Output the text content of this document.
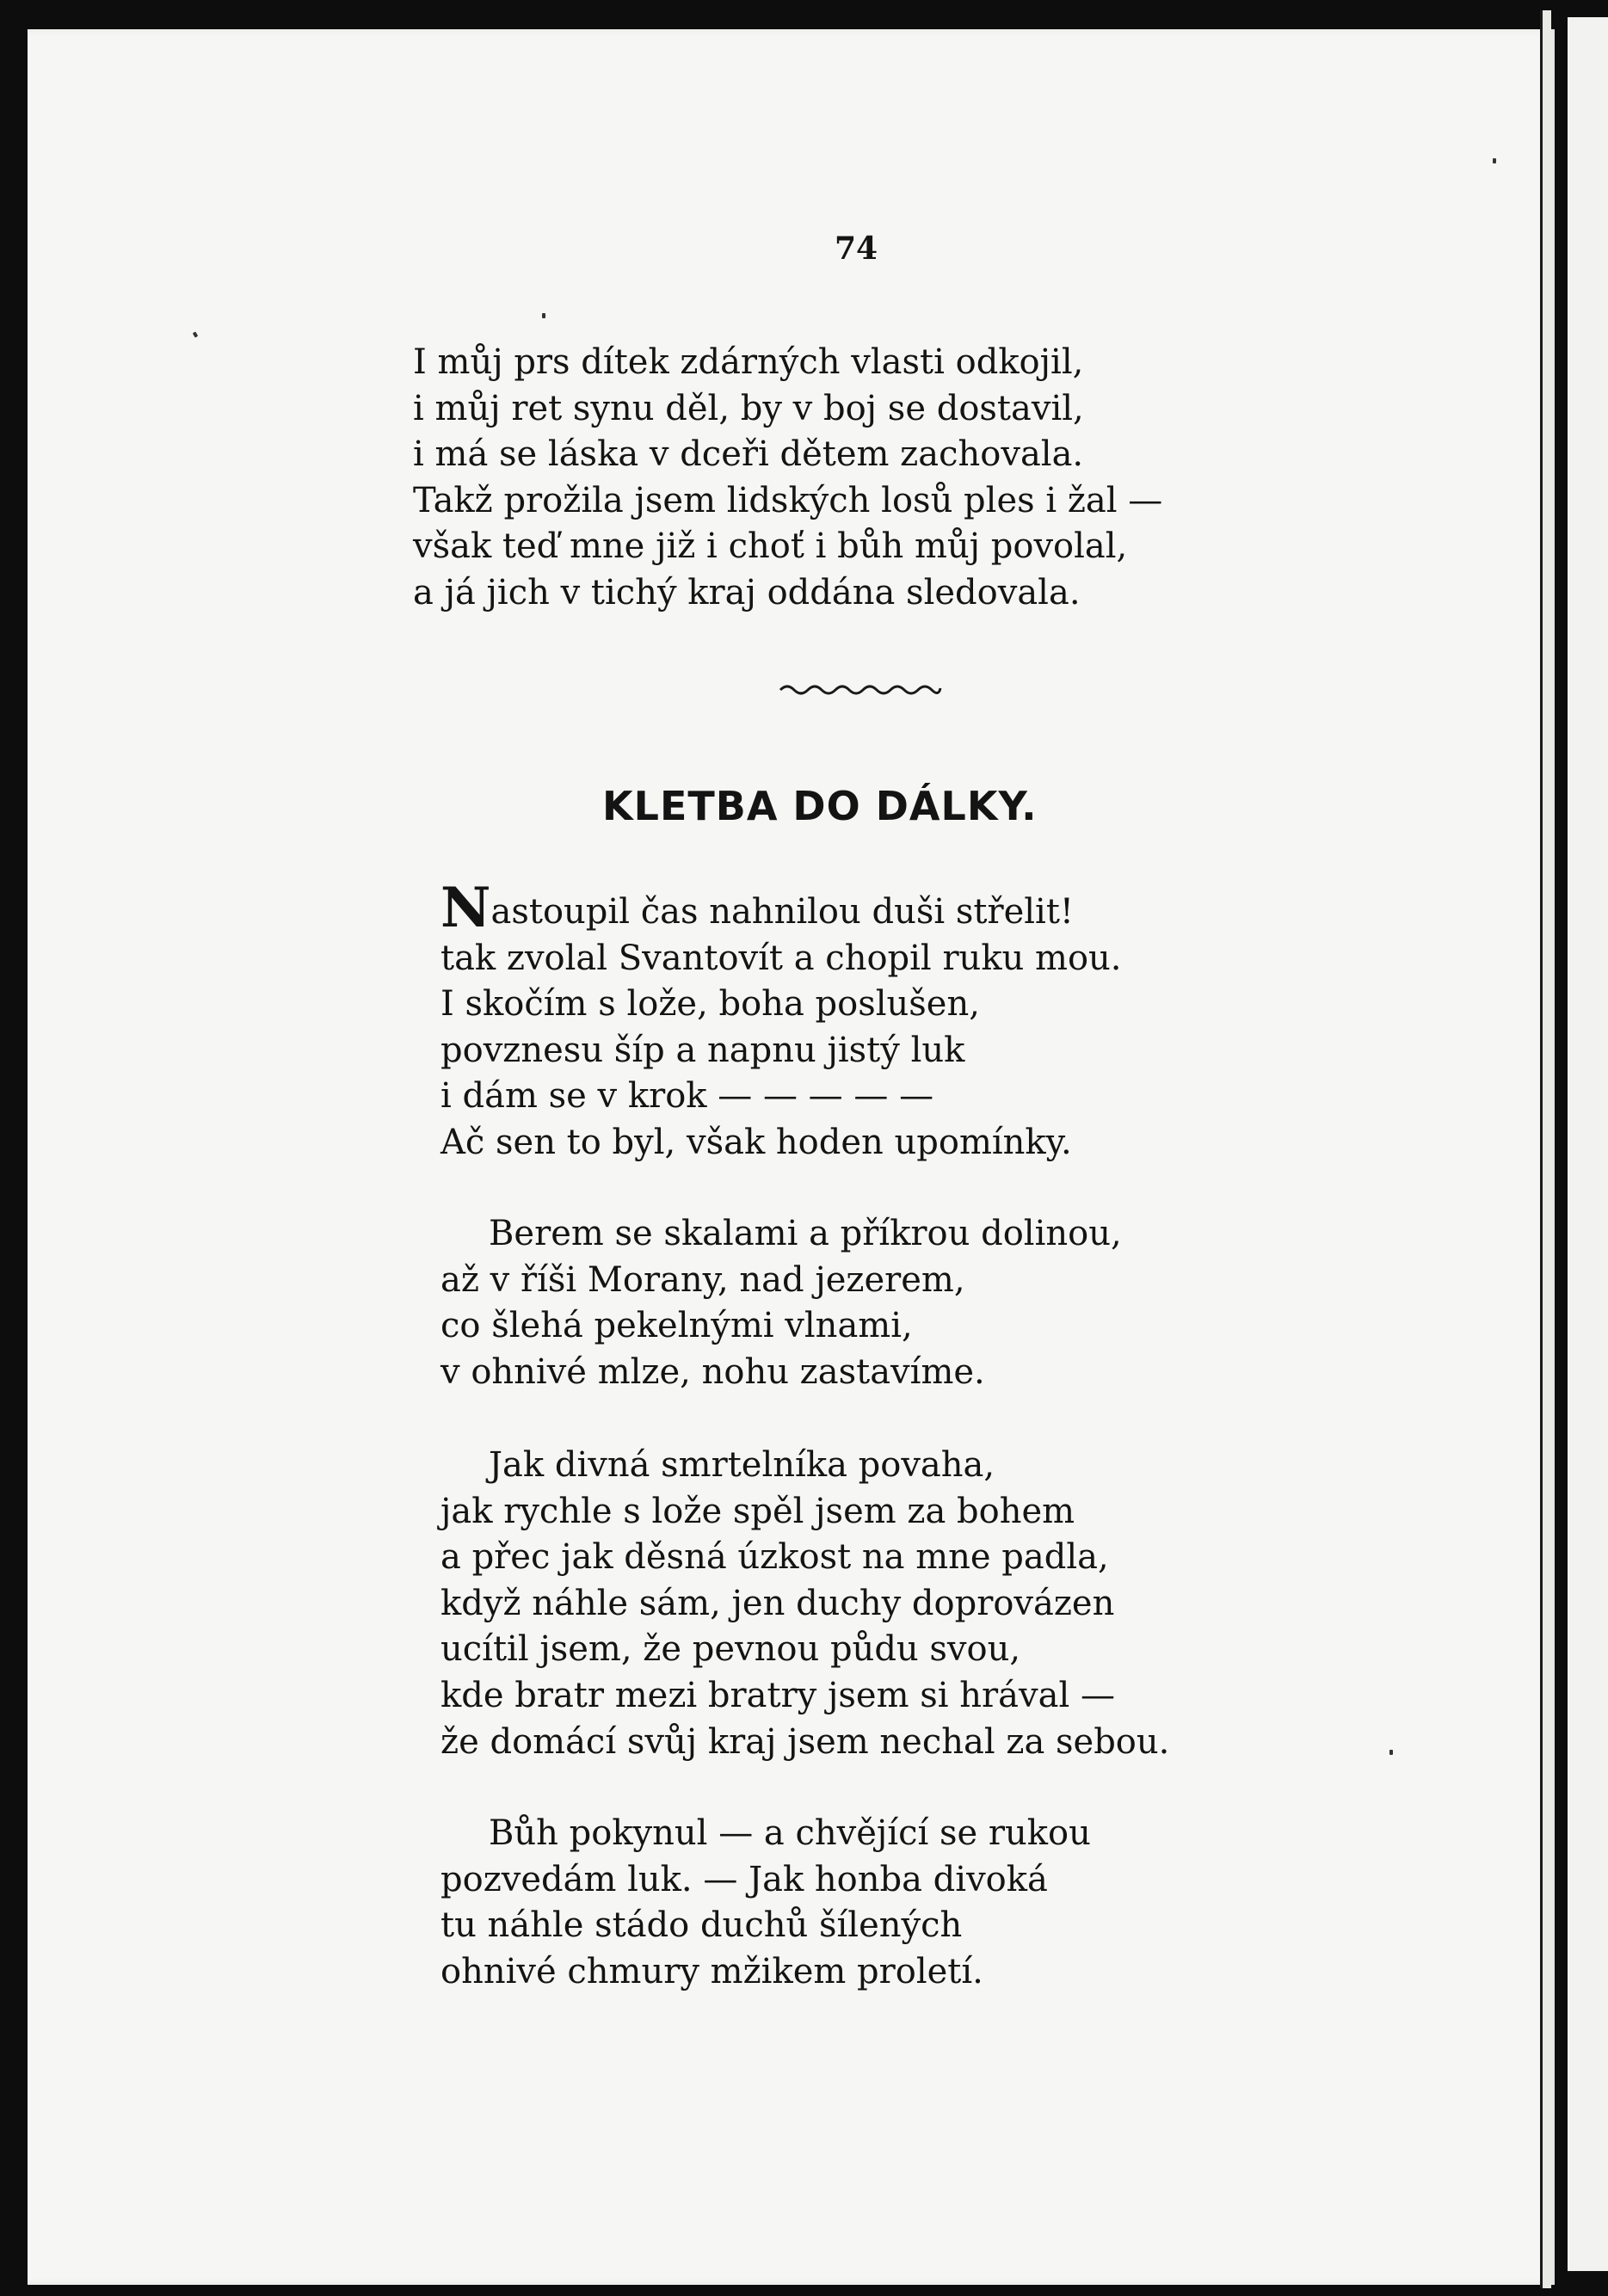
74
I můj prs dítek zdárných vlasti odkojil,
i můj ret synu děl, by v boj se dostavil,
i má se láska v dceři dětem zachovala.
Takž prožila jsem lidských losů ples i žal —
však teď mne již i choť i bůh můj povolal,
a já jich v tichý kraj oddána sledovala.
KLETBA DO DÁLKY.
Nastoupil čas nahnilou duši střelit!
tak zvolal Svantovít a chopil ruku mou.
I skočím s lože, boha poslušen,
povznesu šíp a napnu jistý luk
i dám se v krok — — — — —
Ač sen to byl, však hoden upomínky.
Berem se skalami a příkrou dolinou,
až v říši Morany, nad jezerem,
co šlehá pekelnými vlnami,
v ohnivé mlze, nohu zastavíme.
Jak divná smrtelníka povaha,
jak rychle s lože spěl jsem za bohem
a přec jak děsná úzkost na mne padla,
když náhle sám, jen duchy doprovázen
ucítil jsem, že pevnou půdu svou,
kde bratr mezi bratry jsem si hrával —
že domácí svůj kraj jsem nechal za sebou.
Bůh pokynul — a chvějící se rukou
pozvedám luk. — Jak honba divoká
tu náhle stádo duchů šílených
ohnivé chmury mžikem proletí.
